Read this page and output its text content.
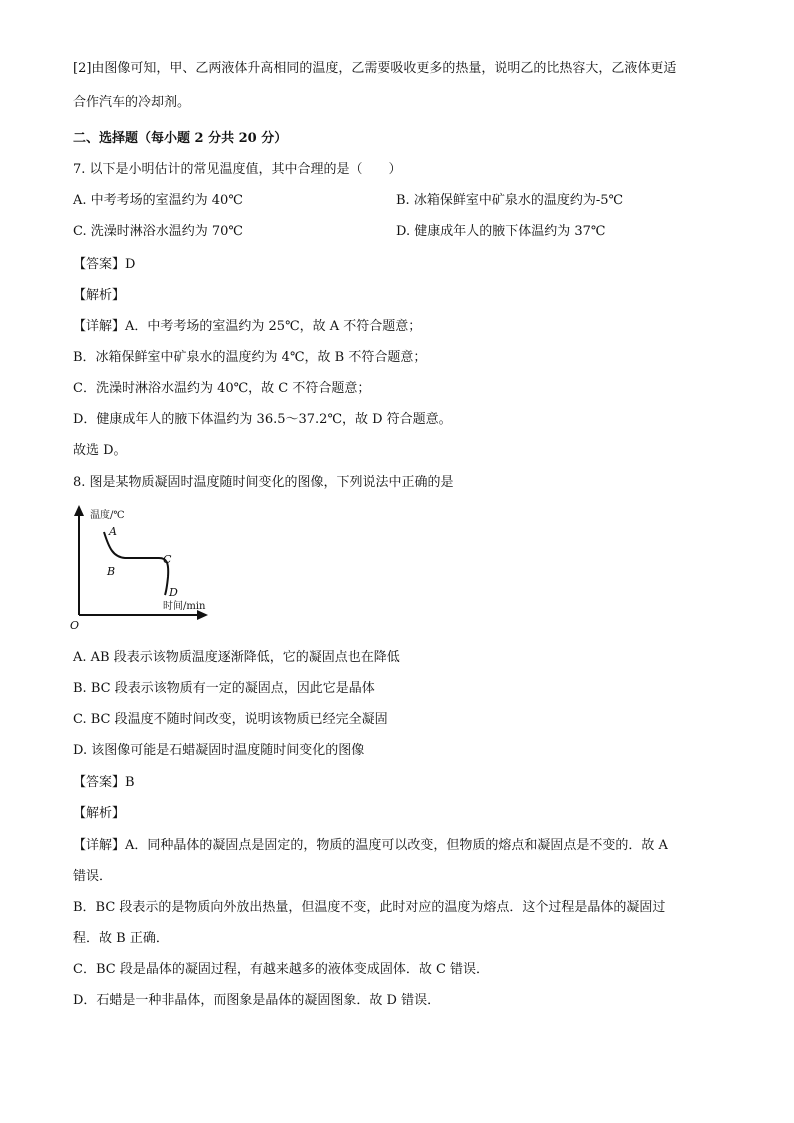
[2]由图像可知，甲、乙两液体升高相同的温度，乙需要吸收更多的热量，说明乙的比热容大，乙液体更适
合作汽车的冷却剂。
二、选择题（每小题 2 分共 20 分）
7. 以下是小明估计的常见温度值，其中合理的是（　　）
A. 中考考场的室温约为 40℃	B. 冰箱保鲜室中矿泉水的温度约为-5℃
C. 洗澡时淋浴水温约为 70℃	D. 健康成年人的腋下体温约为 37℃
【答案】D
【解析】
【详解】A．中考考场的室温约为 25℃，故 A 不符合题意；
B．冰箱保鲜室中矿泉水的温度约为 4℃，故 B 不符合题意；
C．洗澡时淋浴水温约为 40℃，故 C 不符合题意；
D．健康成年人的腋下体温约为 36.5～37.2℃，故 D 符合题意。
故选 D。
8. 图是某物质凝固时温度随时间变化的图像，下列说法中正确的是
温度/℃
A
B
C
D
时间/min
O
A. AB 段表示该物质温度逐渐降低，它的凝固点也在降低
B. BC 段表示该物质有一定的凝固点，因此它是晶体
C. BC 段温度不随时间改变，说明该物质已经完全凝固
D. 该图像可能是石蜡凝固时温度随时间变化的图像
【答案】B
【解析】
【详解】A．同种晶体的凝固点是固定的，物质的温度可以改变，但物质的熔点和凝固点是不变的．故 A
错误．
B．BC 段表示的是物质向外放出热量，但温度不变，此时对应的温度为熔点．这个过程是晶体的凝固过
程．故 B 正确．
C．BC 段是晶体的凝固过程，有越来越多的液体变成固体．故 C 错误．
D．石蜡是一种非晶体，而图象是晶体的凝固图象．故 D 错误．
